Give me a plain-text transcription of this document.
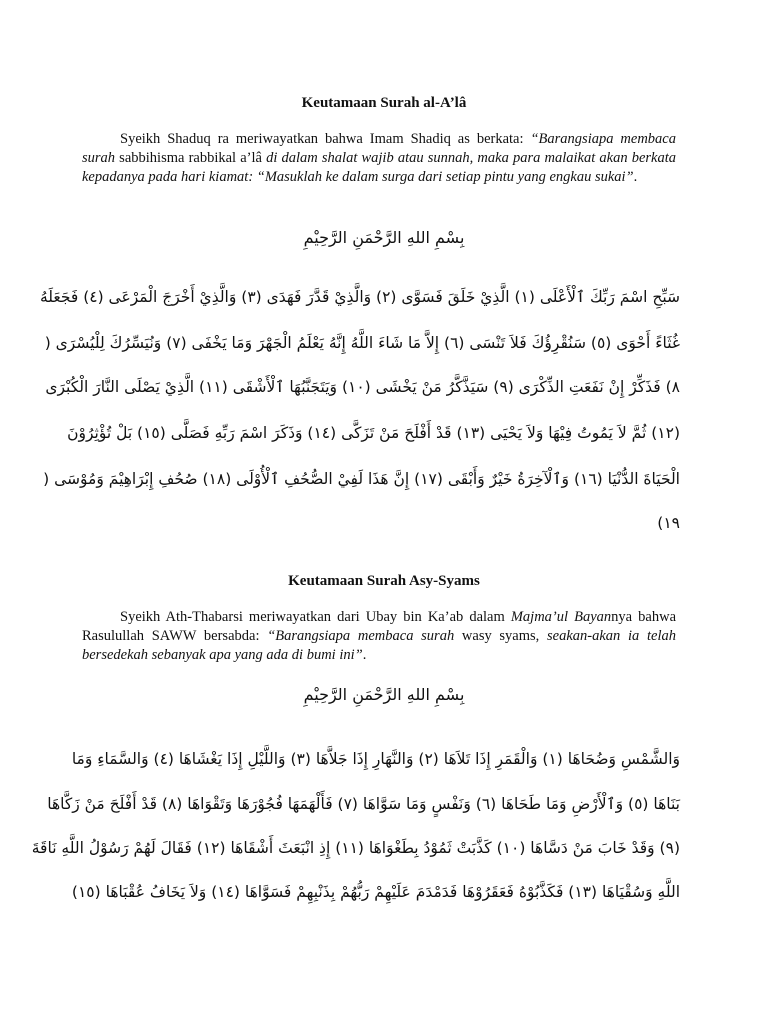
Keutamaan Surah al-A’lâ

Syeikh Shaduq ra meriwayatkan bahwa Imam Shadiq as berkata: “Barangsiapa membaca surah sabbihisma rabbikal a’lâ di dalam shalat wajib atau sunnah, maka para malaikat akan berkata kepadanya pada hari kiamat: “Masuklah ke dalam surga dari setiap pintu yang engkau sukai”.

بِسْمِ اللهِ الرَّحْمَنِ الرَّحِيْمِ

سَبِّحِ اسْمَ رَبِّكَ ٱلْأَعْلَى (١) الَّذِيْ خَلَقَ فَسَوَّى (٢) وَالَّذِيْ قَدَّرَ فَهَدَى (٣) وَالَّذِيْ أَخْرَجَ الْمَرْعَى (٤) فَجَعَلَهُ

غُثَاءً أَحْوَى (٥) سَنُقْرِؤُكَ فَلاَ تَنْسَى (٦) إِلاَّ مَا شَاءَ اللَّهُ إِنَّهُ يَعْلَمُ الْجَهْرَ وَمَا يَخْفَى (٧) وَنُيَسِّرُكَ لِلْيُسْرَى (

٨) فَذَكِّرْ إِنْ نَفَعَتِ الذِّكْرَى (٩) سَيَذَّكَّرُ مَنْ يَخْشَى (١٠) وَيَتَجَنَّبُهَا ٱلْأَشْقَى (١١) الَّذِيْ يَصْلَى النَّارَ الْكُبْرَى

(١٢) ثُمَّ لاَ يَمُوتُ فِيْهَا وَلاَ يَحْيَى (١٣) قَدْ أَفْلَحَ مَنْ تَزَكَّى (١٤) وَذَكَرَ اسْمَ رَبِّهِ فَصَلَّى (١٥) بَلْ تُؤْثِرُوْنَ

الْحَيَاةَ الدُّنْيَا (١٦) وَٱلْآخِرَةُ خَيْرٌ وَأَبْقَى (١٧) إِنَّ هَذَا لَفِيْ الصُّحُفِ ٱلْأُوْلَى (١٨) صُحُفِ إِبْرَاهِيْمَ وَمُوْسَى (

١٩)

Keutamaan Surah Asy-Syams

Syeikh Ath-Thabarsi meriwayatkan dari Ubay bin Ka’ab dalam Majma’ul Bayannya bahwa Rasulullah SAWW bersabda: “Barangsiapa membaca surah wasy syams, seakan-akan ia telah bersedekah sebanyak apa yang ada di bumi ini”.

بِسْمِ اللهِ الرَّحْمَنِ الرَّحِيْمِ

وَالشَّمْسِ وَضُحَاهَا (١) وَالْقَمَرِ إِذَا تَلاَهَا (٢) وَالنَّهَارِ إِذَا جَلاَّهَا (٣) وَاللَّيْلِ إِذَا يَغْشَاهَا (٤) وَالسَّمَاءِ وَمَا

بَنَاهَا (٥) وَٱلْأَرْضِ وَمَا طَحَاهَا (٦) وَنَفْسٍ وَمَا سَوَّاهَا (٧) فَأَلْهَمَهَا فُجُوْرَهَا وَتَقْوَاهَا (٨) قَدْ أَفْلَحَ مَنْ زَكَّاهَا

(٩) وَقَدْ خَابَ مَنْ دَسَّاهَا (١٠) كَذَّبَتْ ثَمُوْدُ بِطَغْوَاهَا (١١) إِذِ انْبَعَثَ أَشْقَاهَا (١٢) فَقَالَ لَهُمْ رَسُوْلُ اللَّهِ نَاقَةَ

اللَّهِ وَسُقْيَاهَا (١٣) فَكَذَّبُوْهُ فَعَقَرُوْهَا فَدَمْدَمَ عَلَيْهِمْ رَبُّهُمْ بِذَنْبِهِمْ فَسَوَّاهَا (١٤) وَلاَ يَخَافُ عُقْبَاهَا (١٥)
